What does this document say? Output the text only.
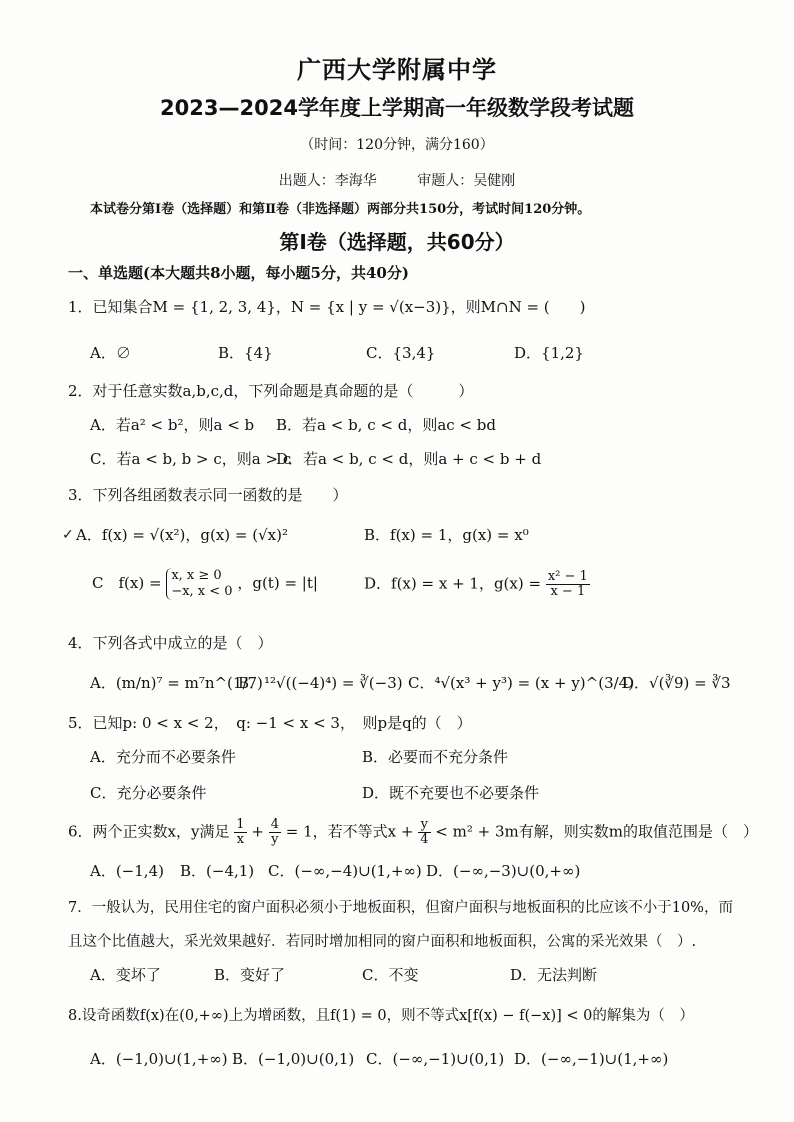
广西大学附属中学
2023—2024学年度上学期高一年级数学段考试题
（时间：120分钟，满分160）
出题人：李海华	审题人：吴健刚
本试卷分第Ⅰ卷（选择题）和第Ⅱ卷（非选择题）两部分共150分，考试时间120分钟。
第Ⅰ卷（选择题，共60分）
一、单选题(本大题共8小题，每小题5分，共40分)
1．已知集合M = {1, 2, 3, 4}，N = {x | y = √(x−3)}，则M∩N = (　　)
A．∅	B．{4}	C．{3,4}	D．{1,2}
2．对于任意实数a,b,c,d，下列命题是真命题的是（　　　）
A．若a² < b²，则a < b B．若a < b, c < d，则ac < bd
C．若a < b, b > c，则a > c
D．若a < b, c < d，则a + c < b + d
3．下列各组函数表示同一函数的是　　）
✓ A．f(x) = √(x²)，g(x) = (√x)²	B．f(x) = 1，g(x) = x⁰
C　f(x) = x, x ≥ 0
−x, x < 0 ，g(t) = |t|	D．f(x) = x + 1，$g(x) = \frac{\text{x² − 1}}{x - 1}$
4．下列各式中成立的是（　）
A．(m/n)⁷ = m⁷n^(1/7)
B．¹²√((−4)⁴) = ∛(−3) C．⁴√(x³ + y³) = (x + y)^(3/4)
D．√(∛9) = ∛3
5．已知p: 0 < x < 2，　q: −1 < x < 3，　则p是q的（　）
A．充分而不必要条件	B．必要而不充分条件
C．充分必要条件	D．既不充要也不必要条件
6．两个正实数x，y满足 $\frac{1}{x} + \frac{4}{y} = 1$，若不等式$x + \frac{y}{4} < m^2 + 3m$有解，则实数m的取值范围是（　）
A．(−1,4) B．(−4,1) C．(−∞,−4)∪(1,+∞) D．(−∞,−3)∪(0,+∞)
7．一般认为，民用住宅的窗户面积必须小于地板面积，但窗户面积与地板面积的比应该不小于10%，而
且这个比值越大，采光效果越好．若同时增加相同的窗户面积和地板面积，公寓的采光效果（　）.
A．变坏了	B．变好了	C．不变	D．无法判断
8.设奇函数f(x)在(0,+∞)上为增函数，且f(1) = 0，则不等式x[f(x) − f(−x)] < 0的解集为（　）
A．(−1,0)∪(1,+∞) B．(−1,0)∪(0,1) C．(−∞,−1)∪(0,1) D．(−∞,−1)∪(1,+∞)
